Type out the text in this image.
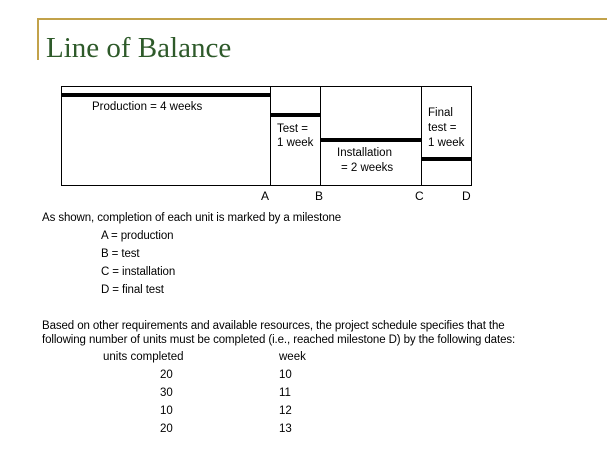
Line of Balance
Production = 4 weeks
Test =
1 week
Installation
= 2 weeks
Final
test =
1 week
A	B	C	D
As shown, completion of each unit is marked by a milestone
A = production
B = test
C = installation
D = final test
Based on other requirements and available resources, the project schedule specifies that the
following number of units must be completed (i.e., reached milestone D) by the following dates:
units completed	week
20	10
30	11
10	12
20	13
